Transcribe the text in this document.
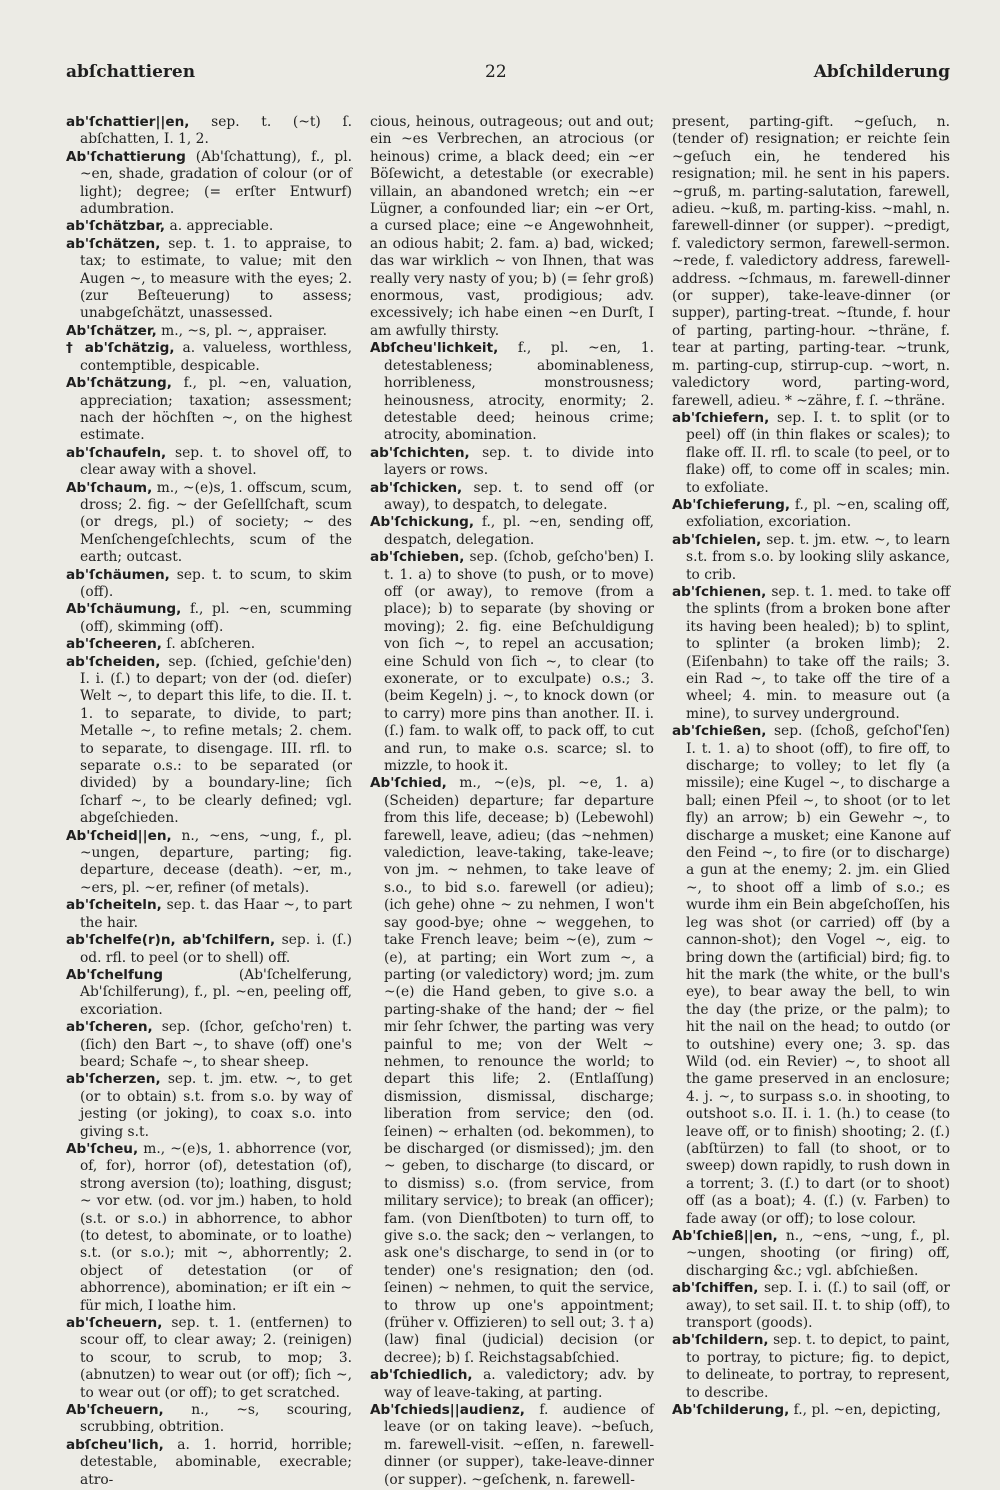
abſchattieren	22	Abſchilderung

ab'ſchattier||en, sep. t. (~t) ſ. abſchatten, I. 1, 2.

Ab'ſchattierung (Ab'ſchattung), f., pl. ~en, shade, gradation of colour (or of light); degree; (= erſter Entwurf) adumbration.

ab'ſchätzbar, a. appreciable.

ab'ſchätzen, sep. t. 1. to appraise, to tax; to estimate, to value; mit den Augen ~, to measure with the eyes; 2. (zur Beſteuerung) to assess; unabgeſchätzt, unassessed.

Ab'ſchätzer, m., ~s, pl. ~, appraiser.

† ab'ſchätzig, a. valueless, worthless, contemptible, despicable.

Ab'ſchätzung, f., pl. ~en, valuation, appreciation; taxation; assessment; nach der höchſten ~, on the highest estimate.

ab'ſchaufeln, sep. t. to shovel off, to clear away with a shovel.

Ab'ſchaum, m., ~(e)s, 1. offscum, scum, dross; 2. fig. ~ der Geſellſchaft, scum (or dregs, pl.) of society; ~ des Menſchengeſchlechts, scum of the earth; outcast.

ab'ſchäumen, sep. t. to scum, to skim (off).

Ab'ſchäumung, f., pl. ~en, scumming (off), skimming (off).

ab'ſcheeren, ſ. abſcheren.

ab'ſcheiden, sep. (ſchied, geſchie'den) I. i. (ſ.) to depart; von der (od. dieſer) Welt ~, to depart this life, to die. II. t. 1. to separate, to divide, to part; Metalle ~, to refine metals; 2. chem. to separate, to disengage. III. rfl. to separate o.s.: to be separated (or divided) by a boundary-line; ſich ſcharf ~, to be clearly defined; vgl. abgeſchieden.

Ab'ſcheid||en, n., ~ens, ~ung, f., pl. ~ungen, departure, parting; fig. departure, decease (death). ~er, m., ~ers, pl. ~er, refiner (of metals).

ab'ſcheiteln, sep. t. das Haar ~, to part the hair.

ab'ſchelfe(r)n, ab'ſchilfern, sep. i. (ſ.) od. rfl. to peel (or to shell) off.

Ab'ſchelfung (Ab'ſchelferung, Ab'ſchilferung), f., pl. ~en, peeling off, excoriation.

ab'ſcheren, sep. (ſchor, geſcho'ren) t. (ſich) den Bart ~, to shave (off) one's beard; Schafe ~, to shear sheep.

ab'ſcherzen, sep. t. jm. etw. ~, to get (or to obtain) s.t. from s.o. by way of jesting (or joking), to coax s.o. into giving s.t.

Ab'ſcheu, m., ~(e)s, 1. abhorrence (vor, of, for), horror (of), detestation (of), strong aversion (to); loathing, disgust; ~ vor etw. (od. vor jm.) haben, to hold (s.t. or s.o.) in abhorrence, to abhor (to detest, to abominate, or to loathe) s.t. (or s.o.); mit ~, abhorrently; 2. object of detestation (or of abhorrence), abomination; er iſt ein ~ für mich, I loathe him.

ab'ſcheuern, sep. t. 1. (entfernen) to scour off, to clear away; 2. (reinigen) to scour, to scrub, to mop; 3. (abnutzen) to wear out (or off); ſich ~, to wear out (or off); to get scratched.

Ab'ſcheuern, n., ~s, scouring, scrubbing, obtrition.

abſcheu'lich, a. 1. horrid, horrible; detestable, abominable, execrable; atro-

cious, heinous, outrageous; out and out; ein ~es Verbrechen, an atrocious (or heinous) crime, a black deed; ein ~er Böſewicht, a detestable (or execrable) villain, an abandoned wretch; ein ~er Lügner, a confounded liar; ein ~er Ort, a cursed place; eine ~e Angewohnheit, an odious habit; 2. fam. a) bad, wicked; das war wirklich ~ von Ihnen, that was really very nasty of you; b) (= ſehr groß) enormous, vast, prodigious; adv. excessively; ich habe einen ~en Durſt, I am awfully thirsty.

Abſcheu'lichkeit, f., pl. ~en, 1. detestableness; abominableness, horribleness, monstrousness; heinousness, atrocity, enormity; 2. detestable deed; heinous crime; atrocity, abomination.

ab'ſchichten, sep. t. to divide into layers or rows.

ab'ſchicken, sep. t. to send off (or away), to despatch, to delegate.

Ab'ſchickung, f., pl. ~en, sending off, despatch, delegation.

ab'ſchieben, sep. (ſchob, geſcho'ben) I. t. 1. a) to shove (to push, or to move) off (or away), to remove (from a place); b) to separate (by shoving or moving); 2. fig. eine Beſchuldigung von ſich ~, to repel an accusation; eine Schuld von ſich ~, to clear (to exonerate, or to exculpate) o.s.; 3. (beim Kegeln) j. ~, to knock down (or to carry) more pins than another. II. i. (ſ.) fam. to walk off, to pack off, to cut and run, to make o.s. scarce; sl. to mizzle, to hook it.

Ab'ſchied, m., ~(e)s, pl. ~e, 1. a) (Scheiden) departure; far departure from this life, decease; b) (Lebewohl) farewell, leave, adieu; (das ~nehmen) valediction, leave-taking, take-leave; von jm. ~ nehmen, to take leave of s.o., to bid s.o. farewell (or adieu); (ich gehe) ohne ~ zu nehmen, I won't say good-bye; ohne ~ weggehen, to take French leave; beim ~(e), zum ~(e), at parting; ein Wort zum ~, a parting (or valedictory) word; jm. zum ~(e) die Hand geben, to give s.o. a parting-shake of the hand; der ~ fiel mir ſehr ſchwer, the parting was very painful to me; von der Welt ~ nehmen, to renounce the world; to depart this life; 2. (Entlaſſung) dismission, dismissal, discharge; liberation from service; den (od. ſeinen) ~ erhalten (od. bekommen), to be discharged (or dismissed); jm. den ~ geben, to discharge (to discard, or to dismiss) s.o. (from service, from military service); to break (an officer); fam. (von Dienſtboten) to turn off, to give s.o. the sack; den ~ verlangen, to ask one's discharge, to send in (or to tender) one's resignation; den (od. ſeinen) ~ nehmen, to quit the service, to throw up one's appointment; (früher v. Offizieren) to sell out; 3. † a) (law) final (judicial) decision (or decree); b) ſ. Reichstagsabſchied.

ab'ſchiedlich, a. valedictory; adv. by way of leave-taking, at parting.

Ab'ſchieds||audienz, f. audience of leave (or on taking leave). ~beſuch, m. farewell-visit. ~eſſen, n. farewell-dinner (or supper), take-leave-dinner (or supper). ~geſchenk, n. farewell-

present, parting-gift. ~geſuch, n. (tender of) resignation; er reichte ſein ~geſuch ein, he tendered his resignation; mil. he sent in his papers. ~gruß, m. parting-salutation, farewell, adieu. ~kuß, m. parting-kiss. ~mahl, n. farewell-dinner (or supper). ~predigt, f. valedictory sermon, farewell-sermon. ~rede, f. valedictory address, farewell-address. ~ſchmaus, m. farewell-dinner (or supper), take-leave-dinner (or supper), parting-treat. ~ſtunde, f. hour of parting, parting-hour. ~thräne, f. tear at parting, parting-tear. ~trunk, m. parting-cup, stirrup-cup. ~wort, n. valedictory word, parting-word, farewell, adieu. * ~zähre, f. ſ. ~thräne.

ab'ſchiefern, sep. I. t. to split (or to peel) off (in thin flakes or scales); to flake off. II. rfl. to scale (to peel, or to flake) off, to come off in scales; min. to exfoliate.

Ab'ſchieferung, f., pl. ~en, scaling off, exfoliation, excoriation.

ab'ſchielen, sep. t. jm. etw. ~, to learn s.t. from s.o. by looking slily askance, to crib.

ab'ſchienen, sep. t. 1. med. to take off the splints (from a broken bone after its having been healed); b) to splint, to splinter (a broken limb); 2. (Eiſenbahn) to take off the rails; 3. ein Rad ~, to take off the tire of a wheel; 4. min. to measure out (a mine), to survey underground.

ab'ſchießen, sep. (ſchoß, geſchoſ'ſen) I. t. 1. a) to shoot (off), to fire off, to discharge; to volley; to let fly (a missile); eine Kugel ~, to discharge a ball; einen Pfeil ~, to shoot (or to let fly) an arrow; b) ein Gewehr ~, to discharge a musket; eine Kanone auf den Feind ~, to fire (or to discharge) a gun at the enemy; 2. jm. ein Glied ~, to shoot off a limb of s.o.; es wurde ihm ein Bein abgeſchoſſen, his leg was shot (or carried) off (by a cannon-shot); den Vogel ~, eig. to bring down the (artificial) bird; fig. to hit the mark (the white, or the bull's eye), to bear away the bell, to win the day (the prize, or the palm); to hit the nail on the head; to outdo (or to outshine) every one; 3. sp. das Wild (od. ein Revier) ~, to shoot all the game preserved in an enclosure; 4. j. ~, to surpass s.o. in shooting, to outshoot s.o. II. i. 1. (h.) to cease (to leave off, or to finish) shooting; 2. (ſ.) (abſtürzen) to fall (to shoot, or to sweep) down rapidly, to rush down in a torrent; 3. (ſ.) to dart (or to shoot) off (as a boat); 4. (ſ.) (v. Farben) to fade away (or off); to lose colour.

Ab'ſchieß||en, n., ~ens, ~ung, f., pl. ~ungen, shooting (or firing) off, discharging &c.; vgl. abſchießen.

ab'ſchiffen, sep. I. i. (ſ.) to sail (off, or away), to set sail. II. t. to ship (off), to transport (goods).

ab'ſchildern, sep. t. to depict, to paint, to portray, to picture; fig. to depict, to delineate, to portray, to represent, to describe.

Ab'ſchilderung, f., pl. ~en, depicting,
